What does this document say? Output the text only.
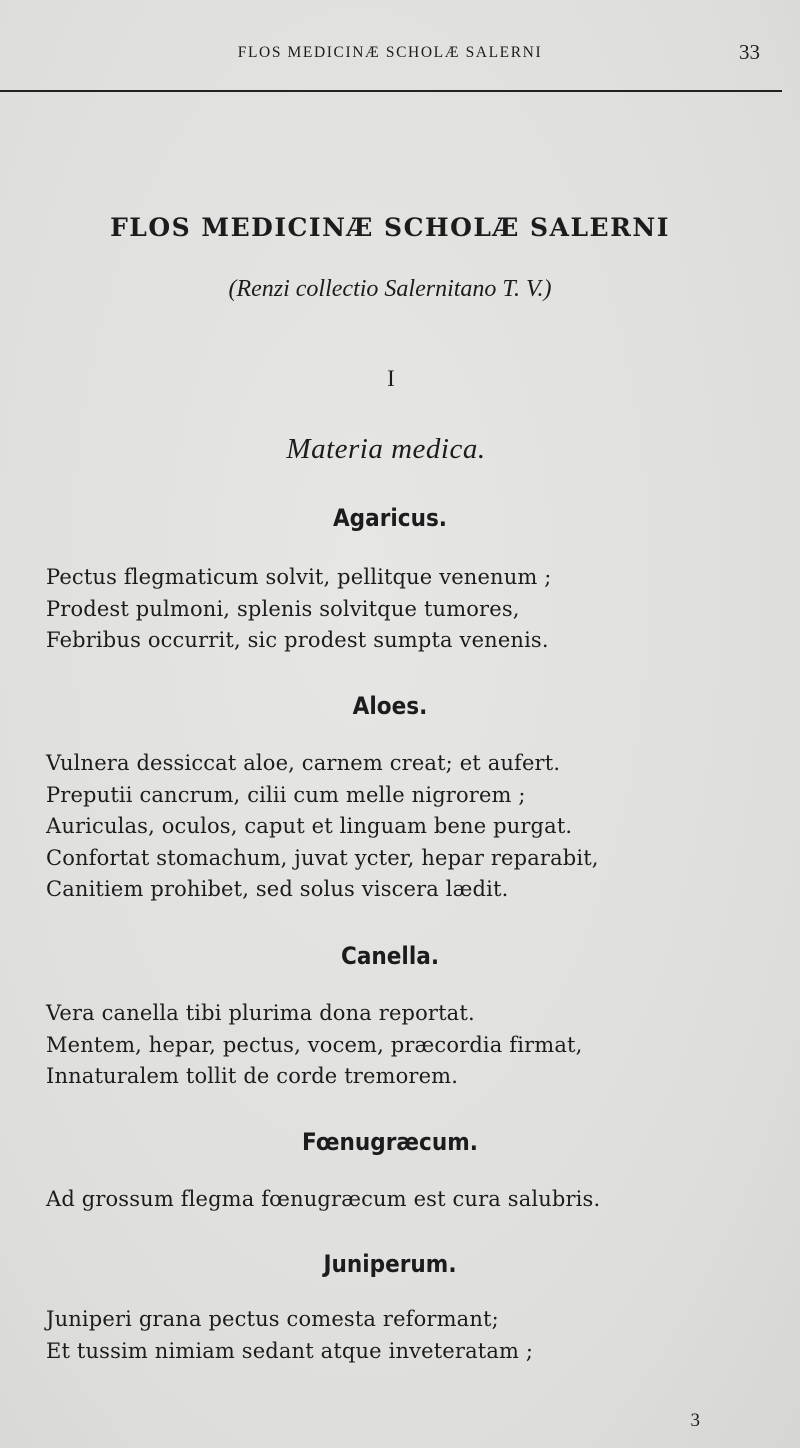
FLOS MEDICINÆ SCHOLÆ SALERNI	33
FLOS MEDICINÆ SCHOLÆ SALERNI
(Renzi collectio Salernitano T. V.)
I
Materia medica.
Agaricus.
Pectus flegmaticum solvit, pellitque venenum ;
Prodest pulmoni, splenis solvitque tumores,
Febribus occurrit, sic prodest sumpta venenis.
Aloes.
Vulnera dessiccat aloe, carnem creat; et aufert.
Preputii cancrum, cilii cum melle nigrorem ;
Auriculas, oculos, caput et linguam bene purgat.
Confortat stomachum, juvat ycter, hepar reparabit,
Canitiem prohibet, sed solus viscera lædit.
Canella.
Vera canella tibi plurima dona reportat.
Mentem, hepar, pectus, vocem, præcordia firmat,
Innaturalem tollit de corde tremorem.
Fœnugræcum.
Ad grossum flegma fœnugræcum est cura salubris.
Juniperum.
Juniperi grana pectus comesta reformant;
Et tussim nimiam sedant atque inveteratam ;
3
